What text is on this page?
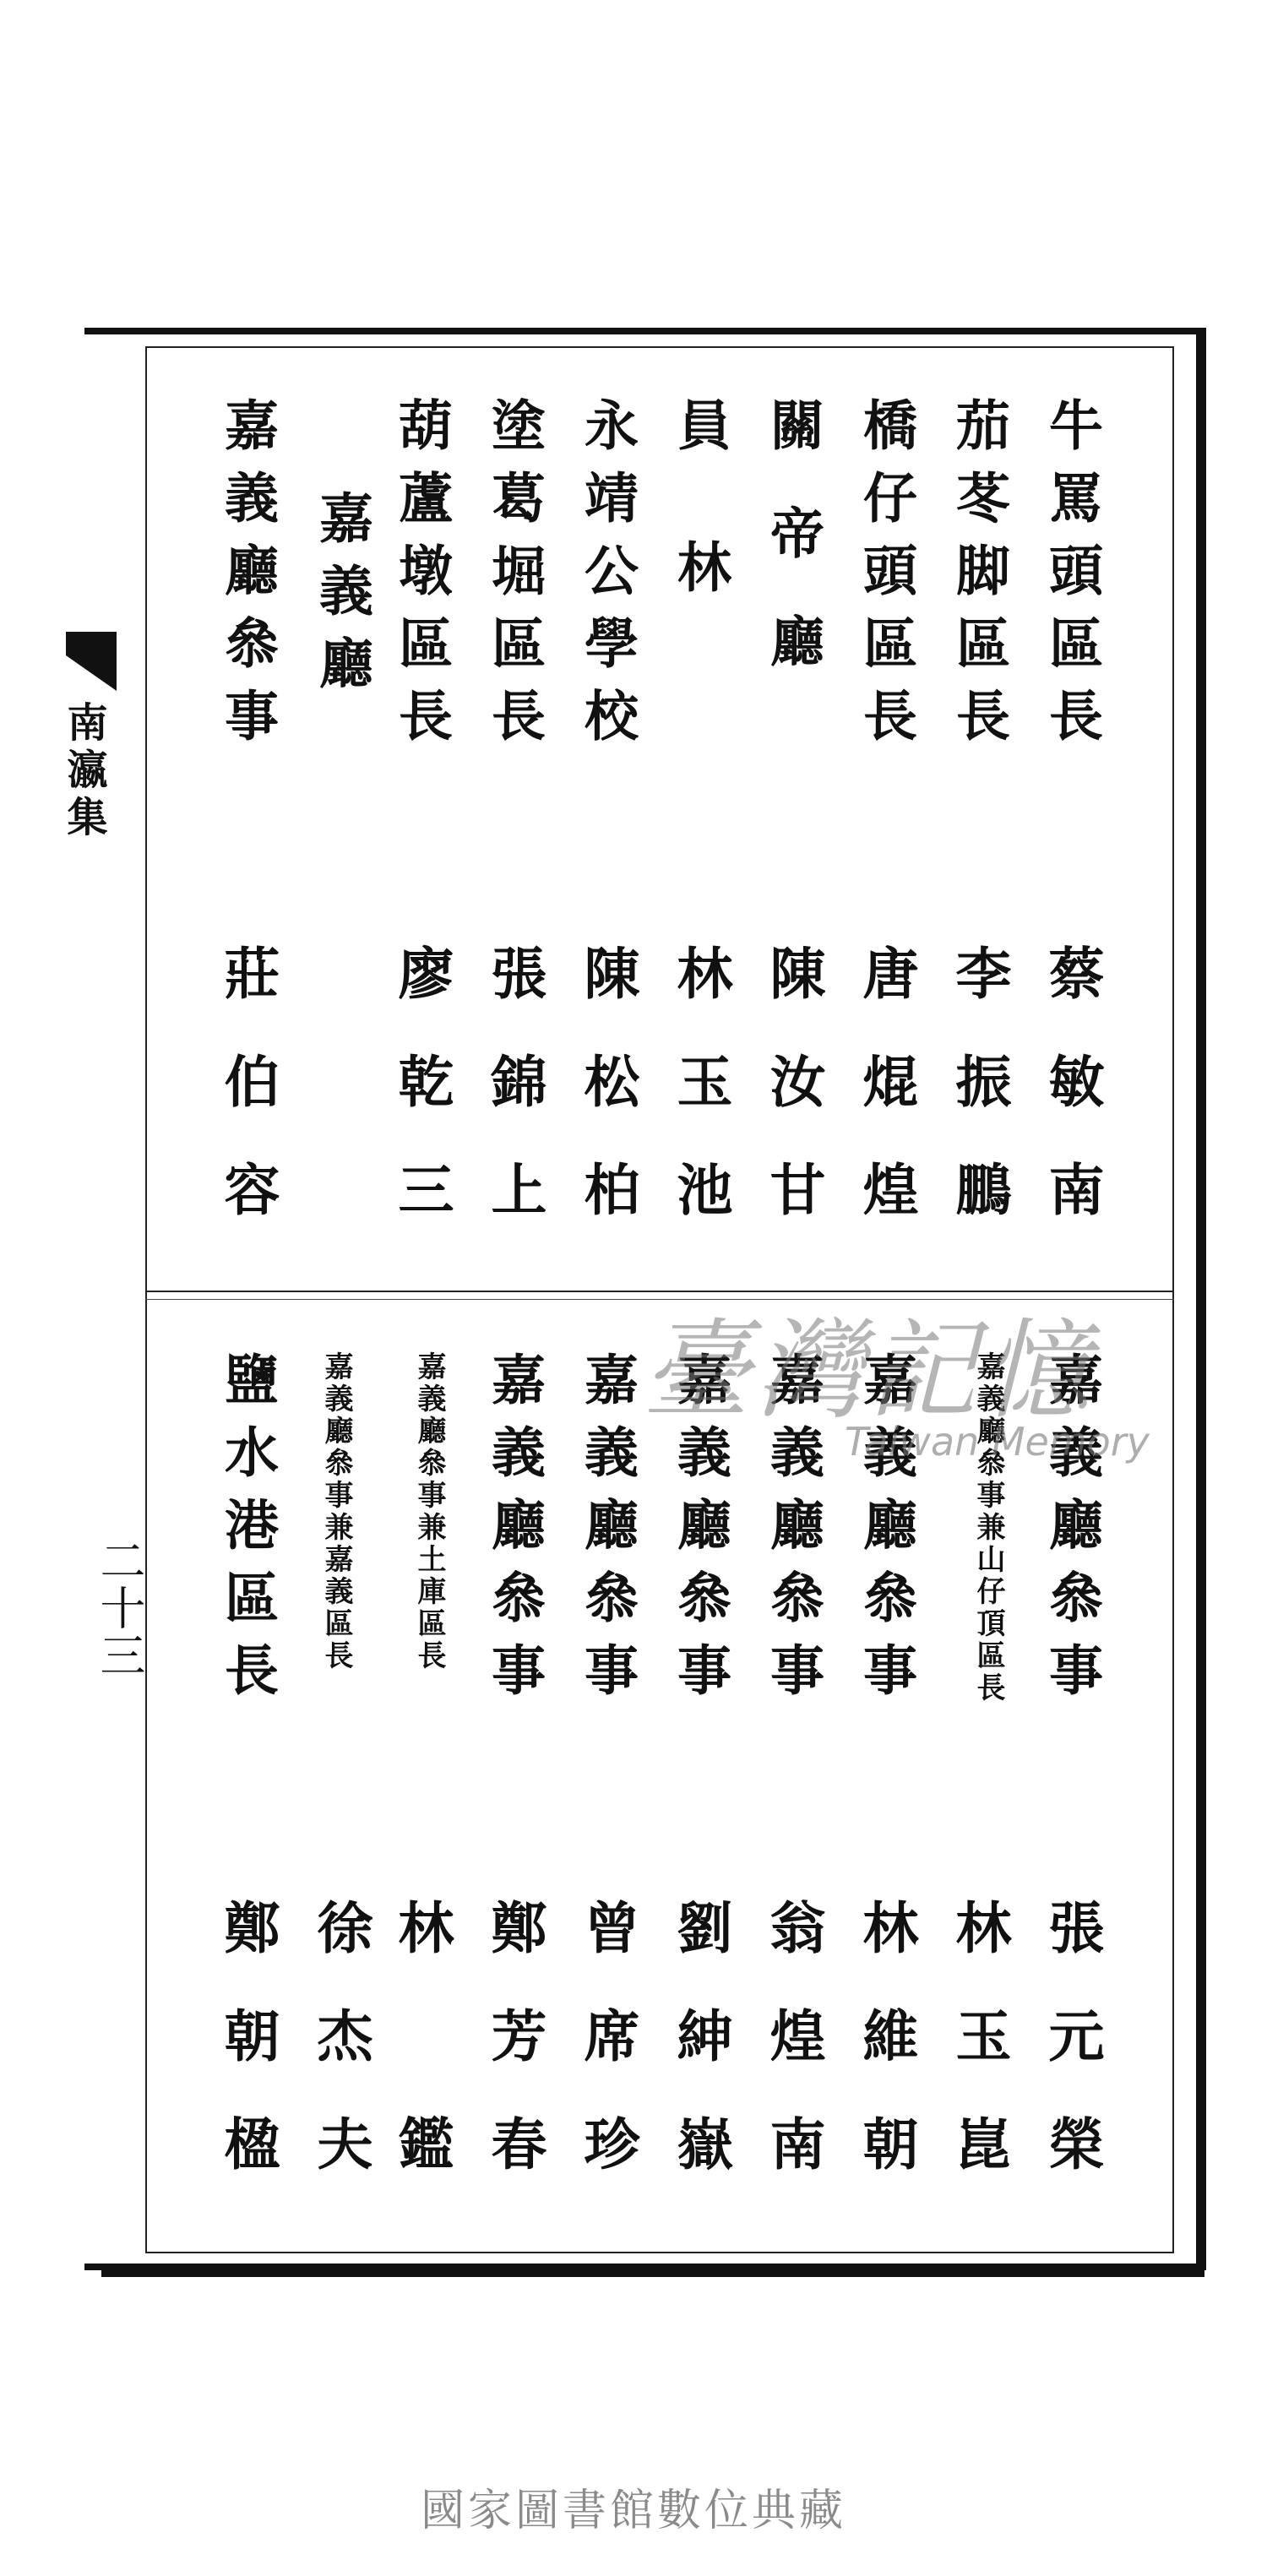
南瀛集
二十三
牛罵頭區長
茄苳脚區長
橋仔頭區長
關帝廳
員　林
永靖公學校
塗葛堀區長
葫蘆墩區長
嘉義廳
嘉義廳叅事
蔡敏南
李振鵬
唐焜煌
陳汝甘
林玉池
陳松柏
張錦上
廖乾三
莊伯容
嘉義廳叅事
嘉義廳叅事兼山仔頂區長
嘉義廳叅事
嘉義廳叅事
嘉義廳叅事
嘉義廳叅事
嘉義廳叅事
嘉義廳叅事兼土庫區長
嘉義廳叅事兼嘉義區長
鹽水港區長
張元榮
林玉崑
林維朝
翁煌南
劉紳嶽
曾席珍
鄭芳春
林　鑑
徐杰夫
鄭朝楹
臺灣記憶
Taiwan Memory
國家圖書館數位典藏
